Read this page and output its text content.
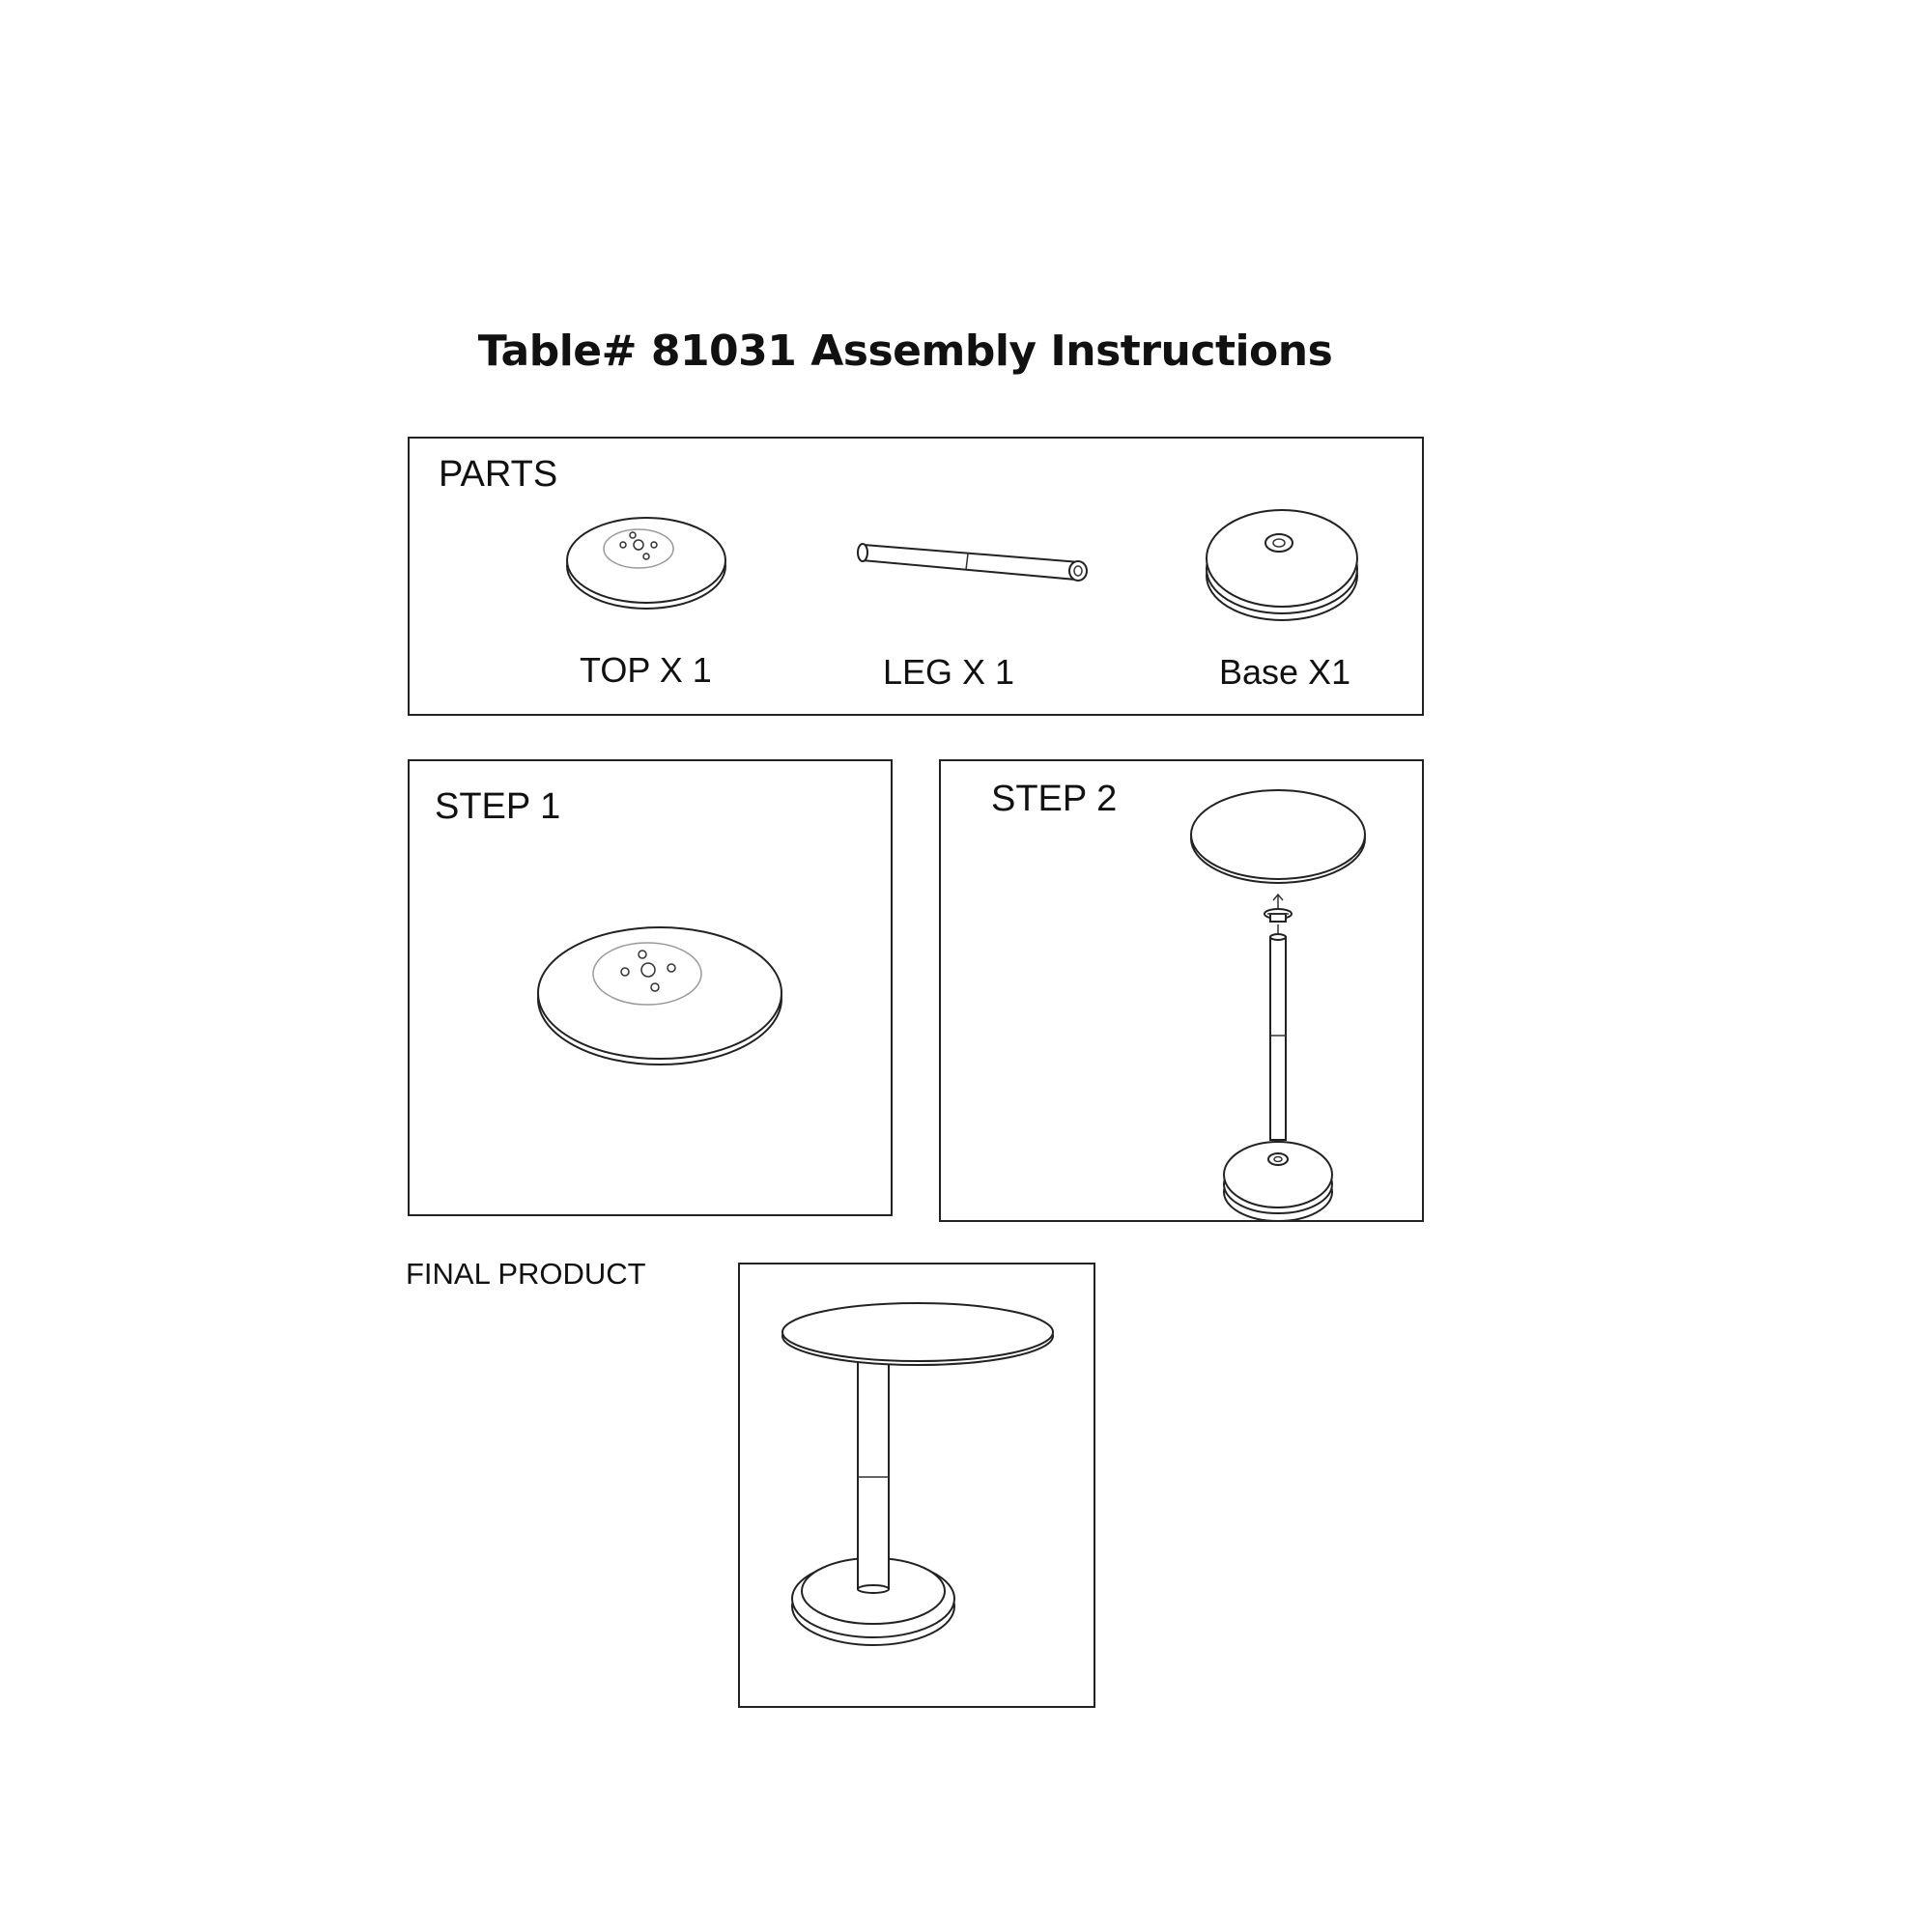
Table# 81031 Assembly Instructions
PARTS
TOP X 1	LEG X 1	Base X1
STEP 1	STEP 2
FINAL PRODUCT
